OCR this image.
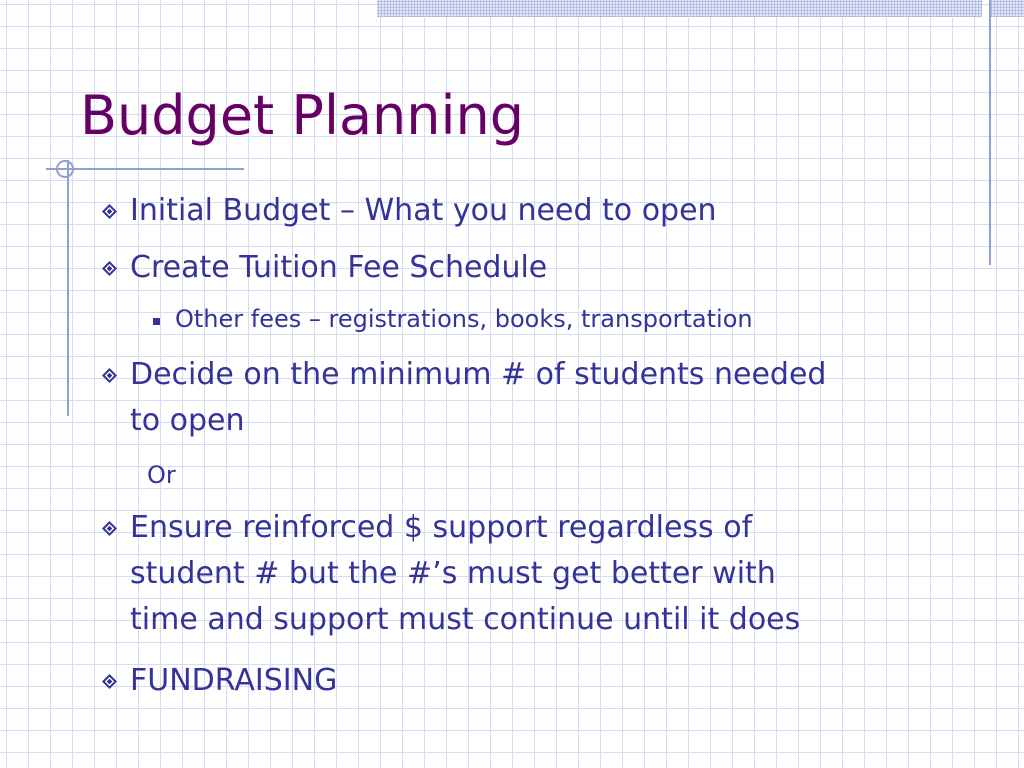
Budget Planning
Initial Budget – What you need to open
Create Tuition Fee Schedule
Other fees – registrations, books, transportation
Decide on the minimum # of students needed
to open
Or
Ensure reinforced $ support regardless of
student # but the #’s must get better with
time and support must continue until it does
FUNDRAISING
